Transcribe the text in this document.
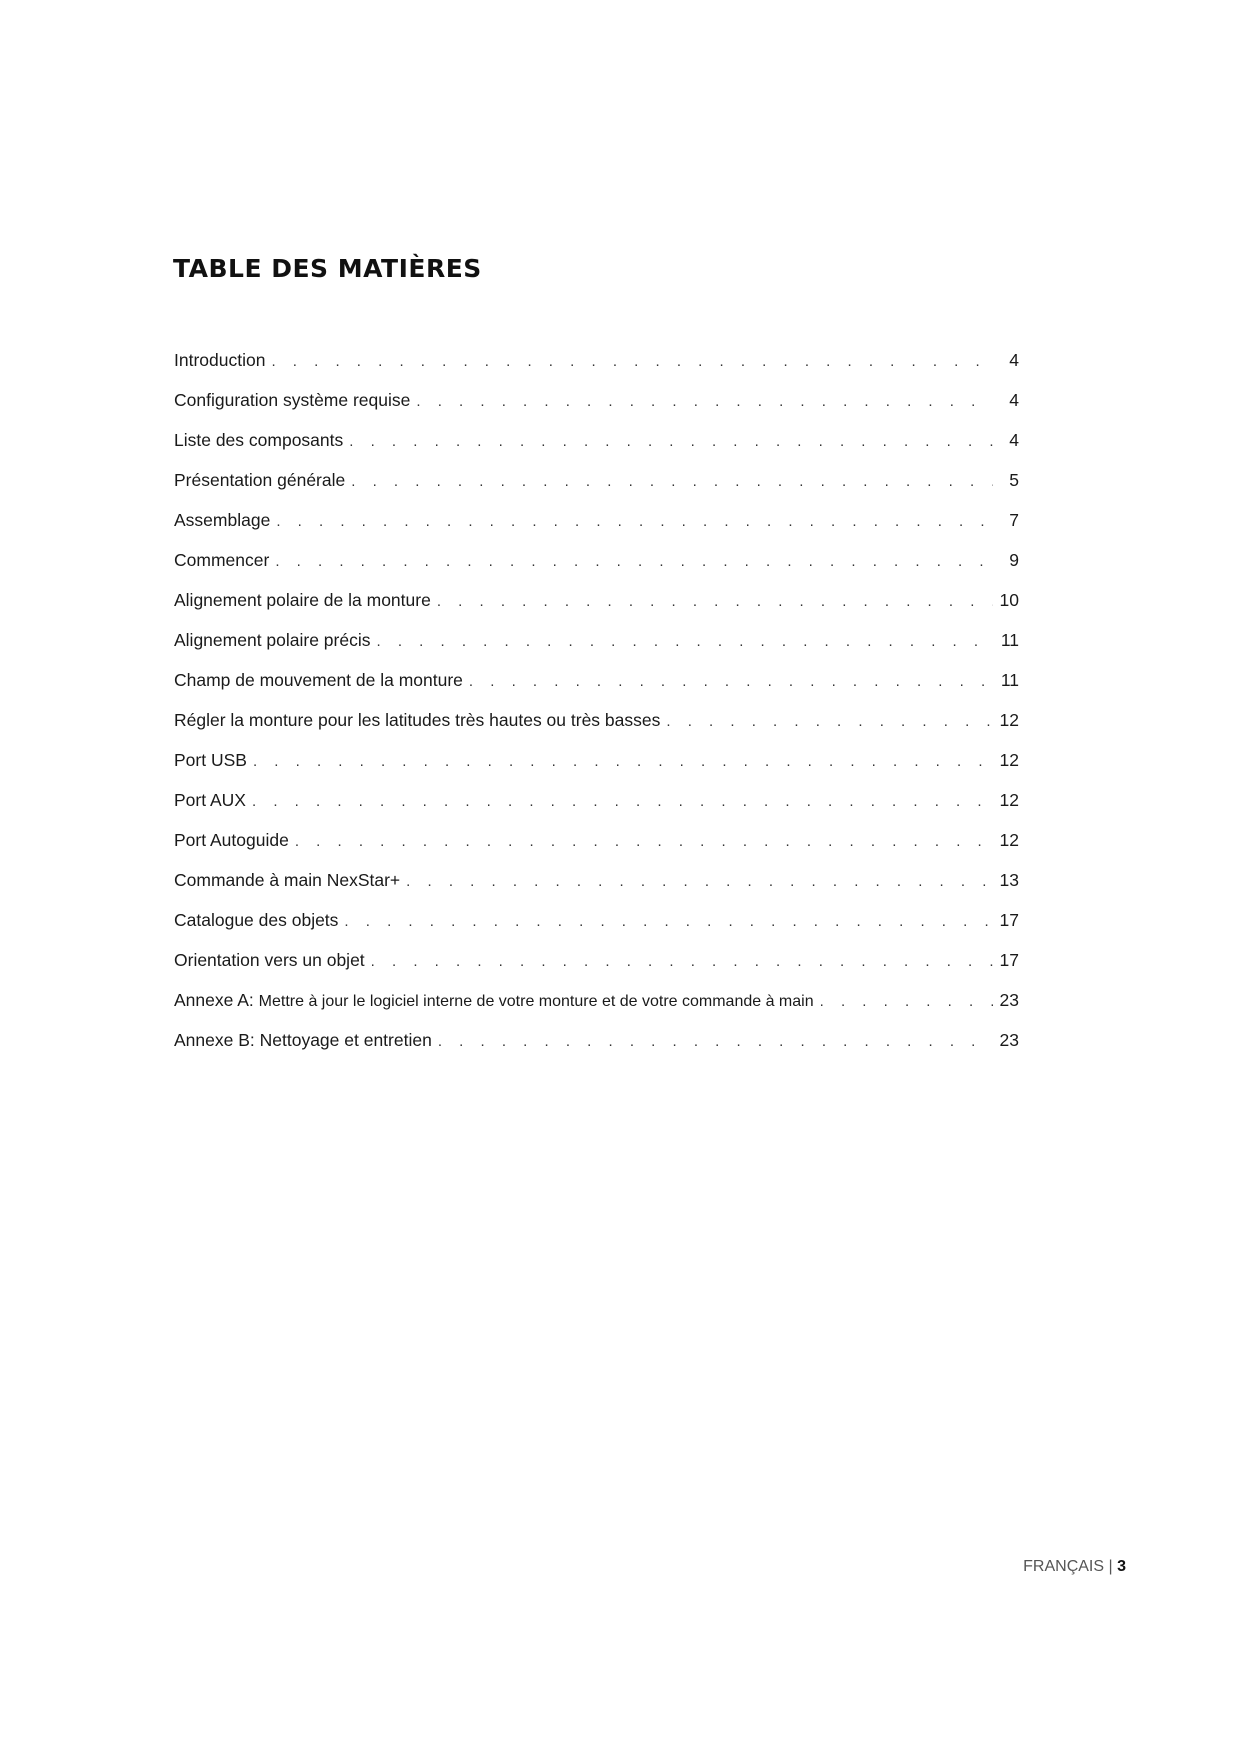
TABLE DES MATIÈRES
Introduction . . .	4
Configuration système requise . . .	4
Liste des composants . . .	4
Présentation générale . . .	5
Assemblage . . .	7
Commencer . . .	9
Alignement polaire de la monture . . .	10
Alignement polaire précis . . .	11
Champ de mouvement de la monture . . .	11
Régler la monture pour les latitudes très hautes ou très basses . . .	12
Port USB . . .	12
Port AUX . . .	12
Port Autoguide . . .	12
Commande à main NexStar+ . . .	13
Catalogue des objets . . .	17
Orientation vers un objet . . .	17
Annexe A: Mettre à jour le logiciel interne de votre monture et de votre commande à main . . .	23
Annexe B: Nettoyage et entretien . . .	23
FRANÇAIS | 3
